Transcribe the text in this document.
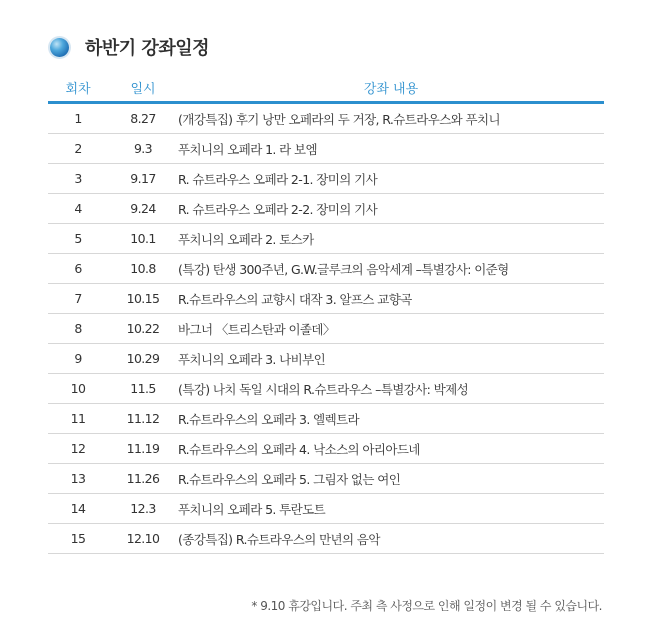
하반기 강좌일정
회차	일시	강좌 내용
1	8.27	(개강특집) 후기 낭만 오페라의 두 거장, R.슈트라우스와 푸치니
2	9.3	푸치니의 오페라 1. 라 보엠
3	9.17	R. 슈트라우스 오페라 2-1. 장미의 기사
4	9.24	R. 슈트라우스 오페라 2-2. 장미의 기사
5	10.1	푸치니의 오페라 2. 토스카
6	10.8	(특강) 탄생 300주년, G.W.글루크의 음악세계 –특별강사: 이준형
7	10.15	R.슈트라우스의 교향시 대작 3. 알프스 교향곡
8	10.22	바그너 〈트리스탄과 이졸데〉
9	10.29	푸치니의 오페라 3. 나비부인
10	11.5	(특강) 나치 독일 시대의 R.슈트라우스 –특별강사: 박제성
11	11.12	R.슈트라우스의 오페라 3. 엘렉트라
12	11.19	R.슈트라우스의 오페라 4. 낙소스의 아리아드네
13	11.26	R.슈트라우스의 오페라 5. 그림자 없는 여인
14	12.3	푸치니의 오페라 5. 투란도트
15	12.10	(종강특집) R.슈트라우스의 만년의 음악
* 9.10 휴강입니다. 주최 측 사정으로 인해 일정이 변경 될 수 있습니다.
